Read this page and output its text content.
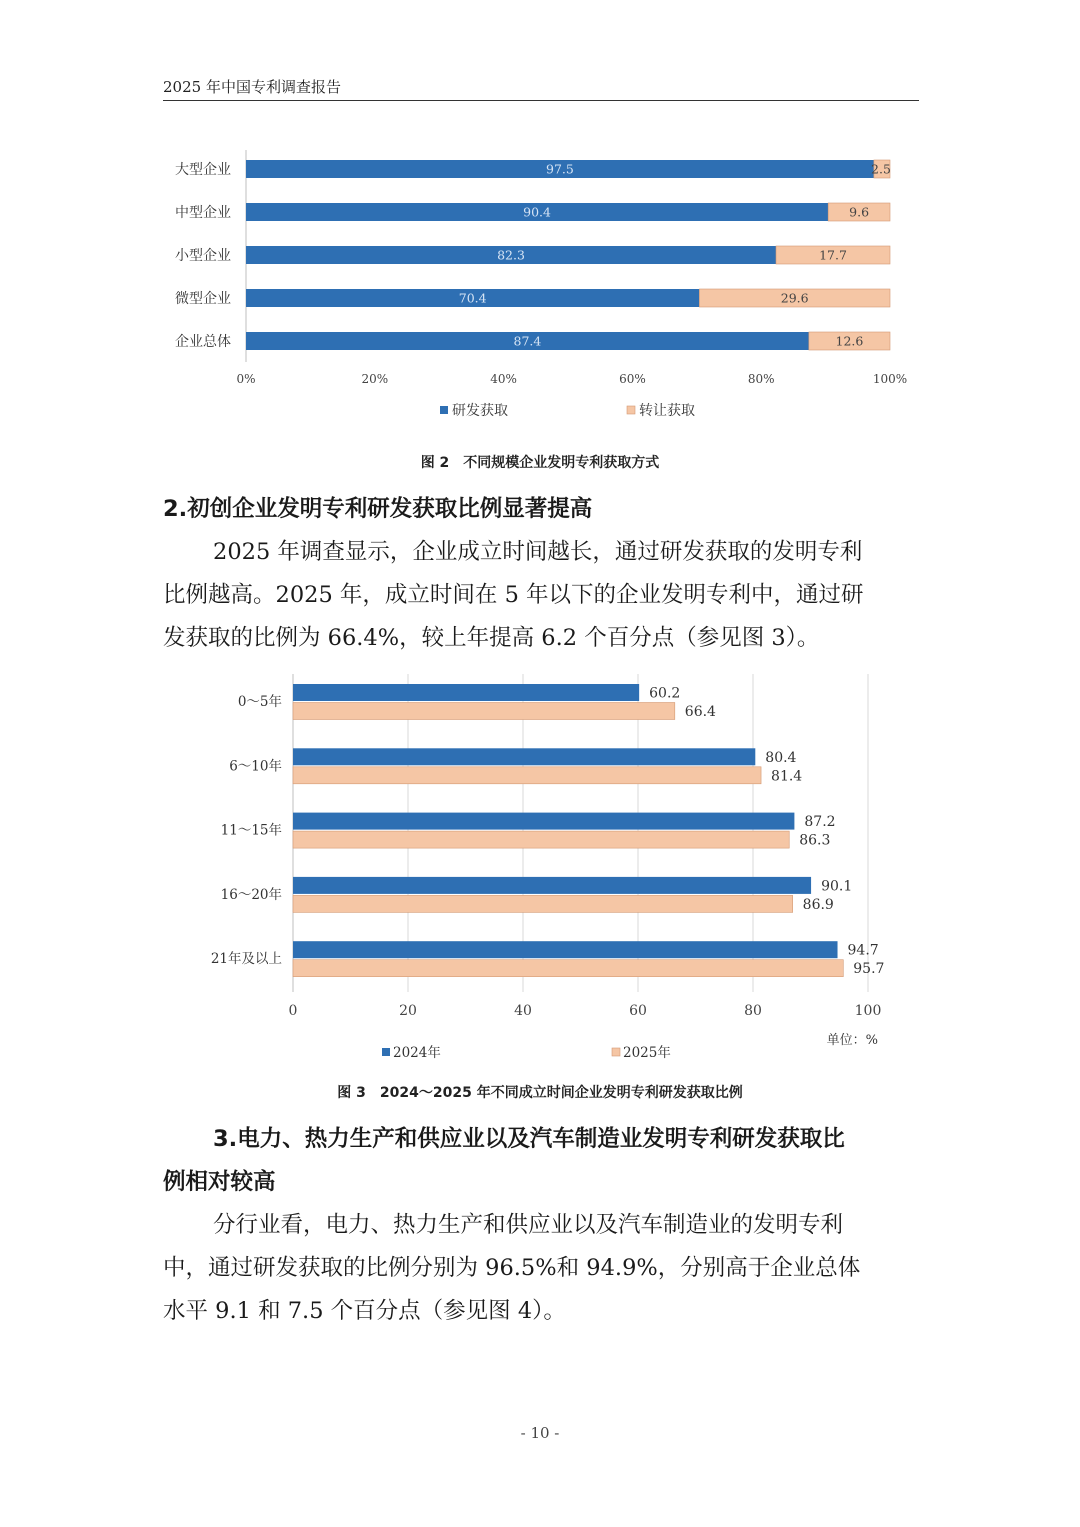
2025 年中国专利调查报告
大型企业	97.5	2.5
中型企业	90.4	9.6
小型企业	82.3	17.7
微型企业	70.4	29.6
企业总体	87.4	12.6
0%	20%	40%	60%	80%	100%
研发获取	转让获取
图 2　不同规模企业发明专利获取方式
2.初创企业发明专利研发获取比例显著提高

2025 年调查显示，企业成立时间越长，通过研发获取的发明专利

比例越高。2025 年，成立时间在 5 年以下的企业发明专利中，通过研

发获取的比例为 66.4%，较上年提高 6.2 个百分点（参见图 3）。

0～5年
60.2
66.4
6～10年
80.4
81.4
11～15年
87.2
86.3
16～20年
90.1
86.9
21年及以上
94.7
95.7
0	20	40	60	80	100
单位：%
2024年	2025年
图 3　2024～2025 年不同成立时间企业发明专利研发获取比例
3.电力、热力生产和供应业以及汽车制造业发明专利研发获取比
例相对较高

分行业看，电力、热力生产和供应业以及汽车制造业的发明专利

中，通过研发获取的比例分别为 96.5%和 94.9%，分别高于企业总体

水平 9.1 和 7.5 个百分点（参见图 4）。

- 10 -
